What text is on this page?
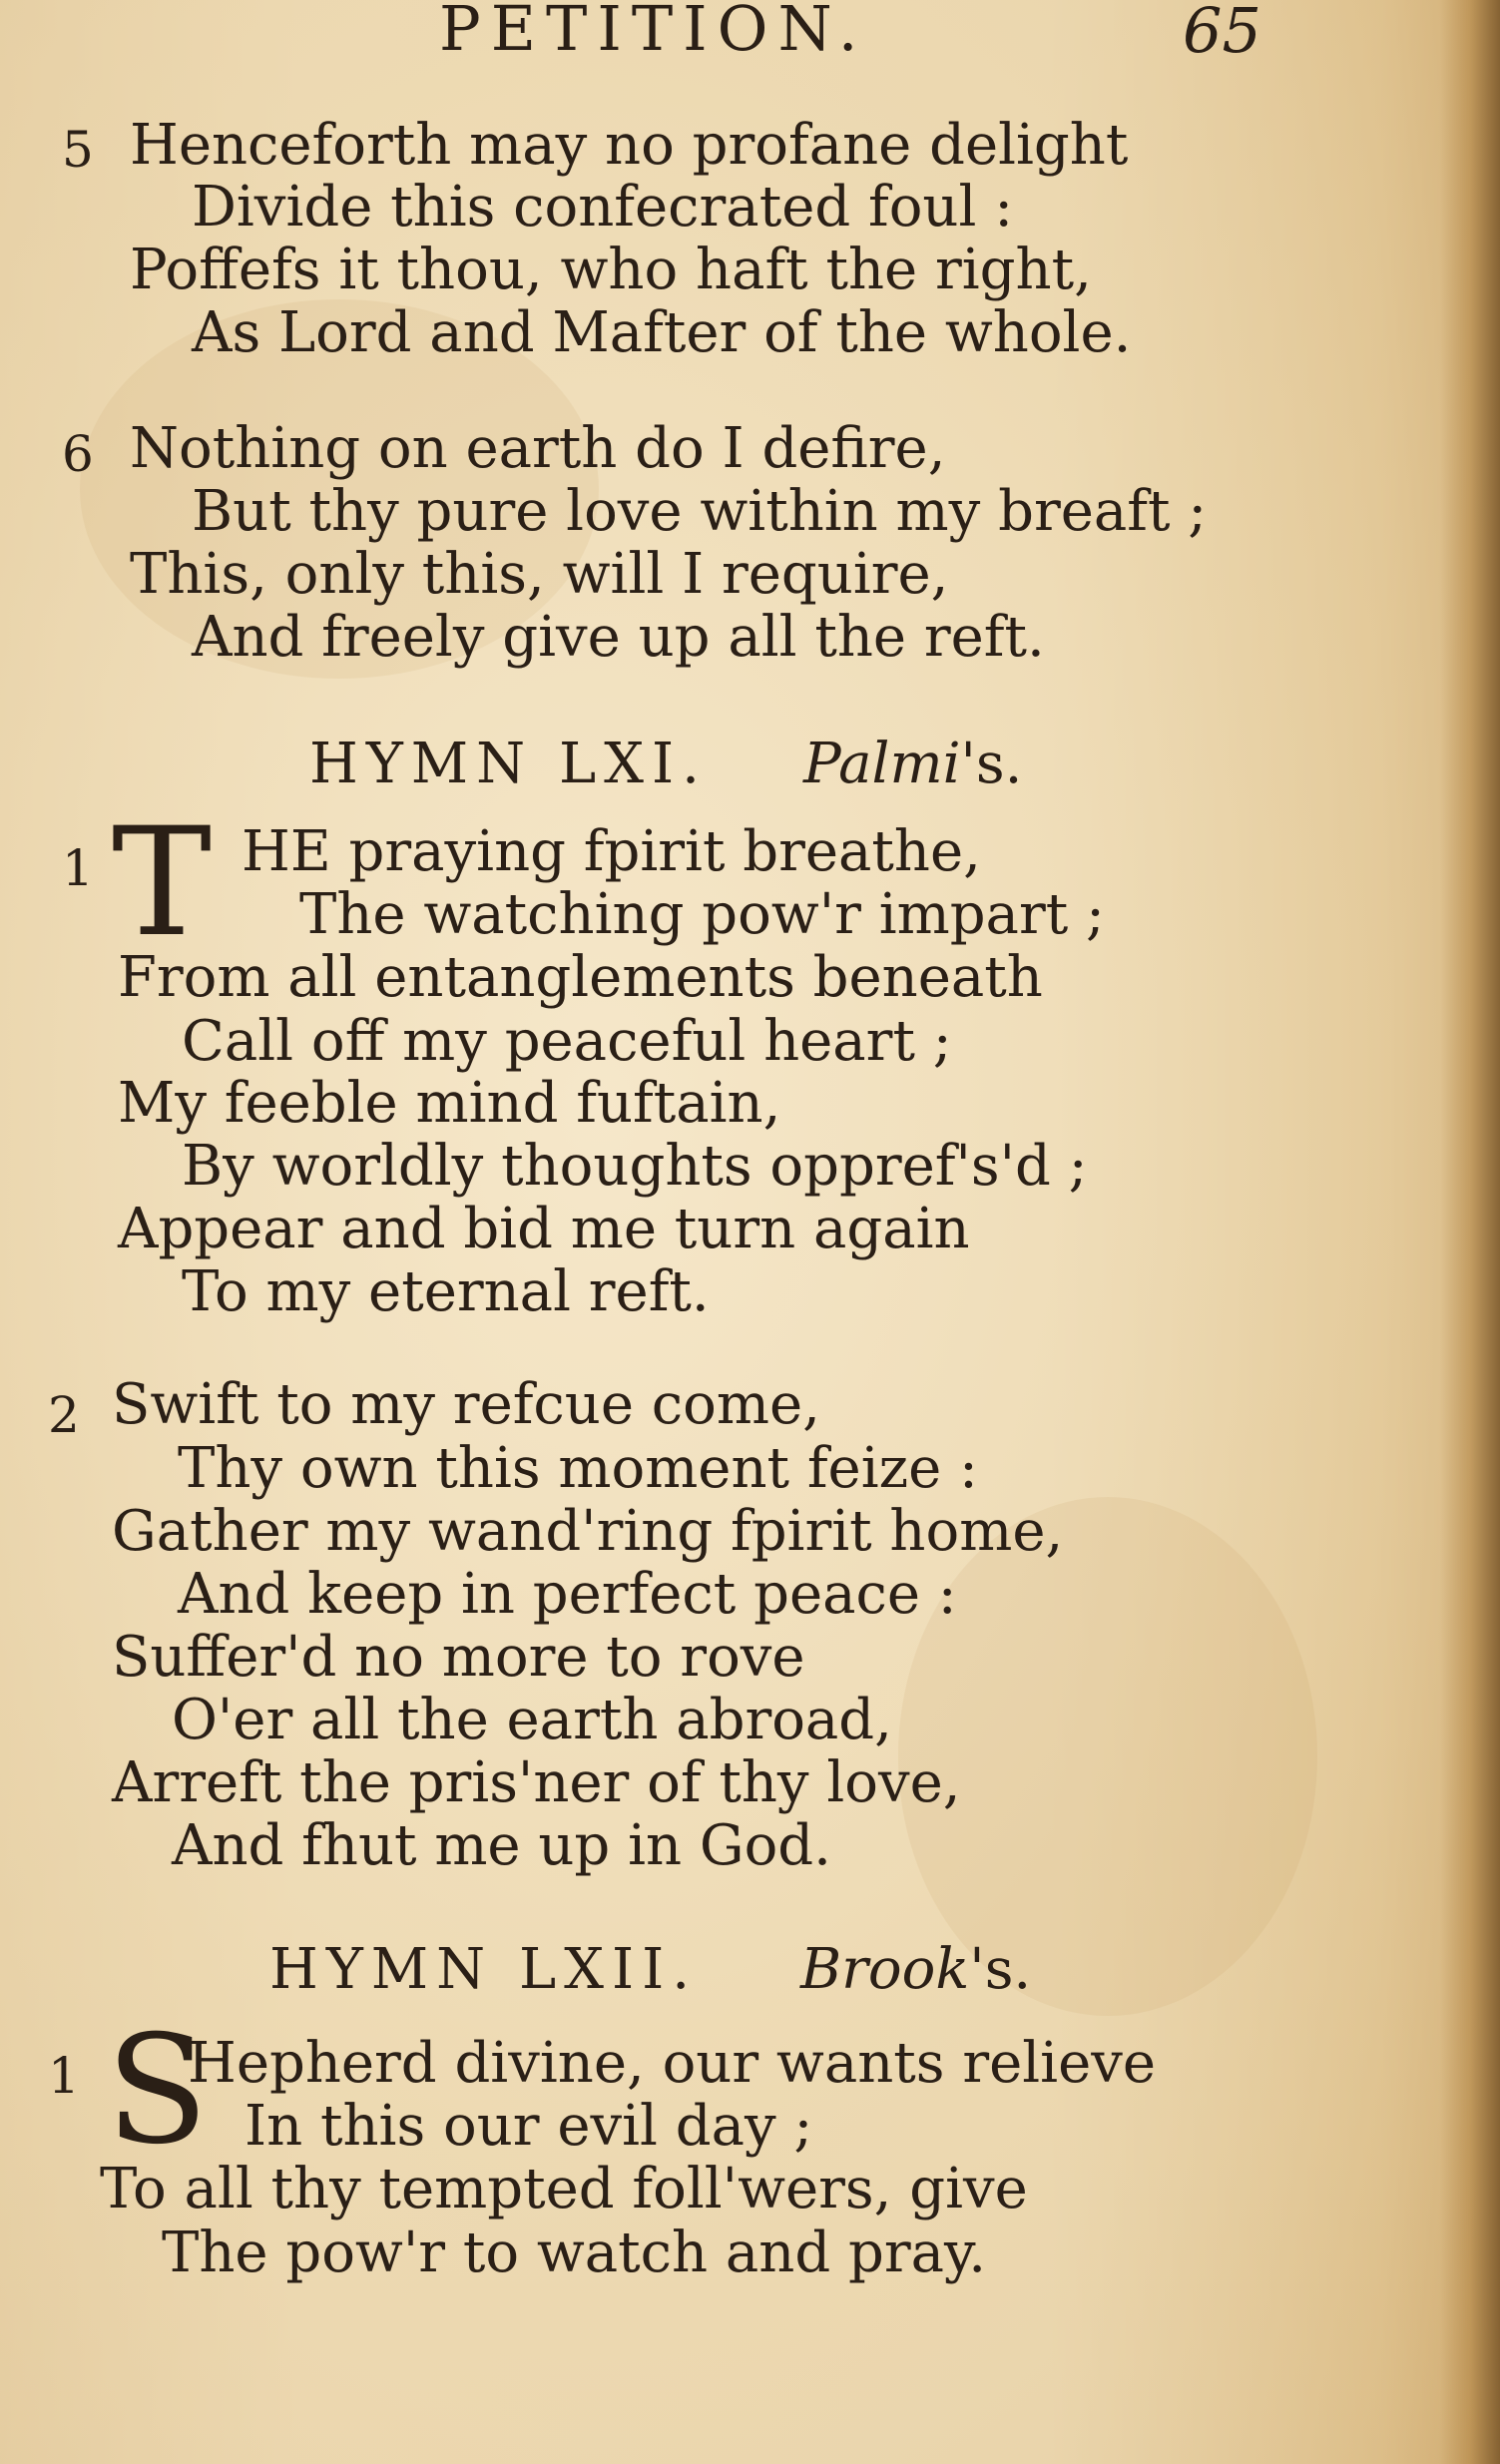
PETITION.	65
5 Henceforth may no profane delight
Divide this confecrated foul :
Poffefs it thou, who haft the right,
As Lord and Mafter of the whole.
6 Nothing on earth do I defire,
But thy pure love within my breaft ;
This, only this, will I require,
And freely give up all the reft.
HYMN LXI. Palmi's.
1 T HE praying fpirit breathe,
The watching pow'r impart ;
From all entanglements beneath
Call off my peaceful heart ;
My feeble mind fuftain,
By worldly thoughts oppref's'd ;
Appear and bid me turn again
To my eternal reft.
2 Swift to my refcue come,
Thy own this moment feize :
Gather my wand'ring fpirit home,
And keep in perfect peace :
Suffer'd no more to rove
O'er all the earth abroad,
Arreft the pris'ner of thy love,
And fhut me up in God.
HYMN LXII. Brook's.
1 S
Hepherd divine, our wants relieve
In this our evil day ;
To all thy tempted foll'wers, give
The pow'r to watch and pray.
